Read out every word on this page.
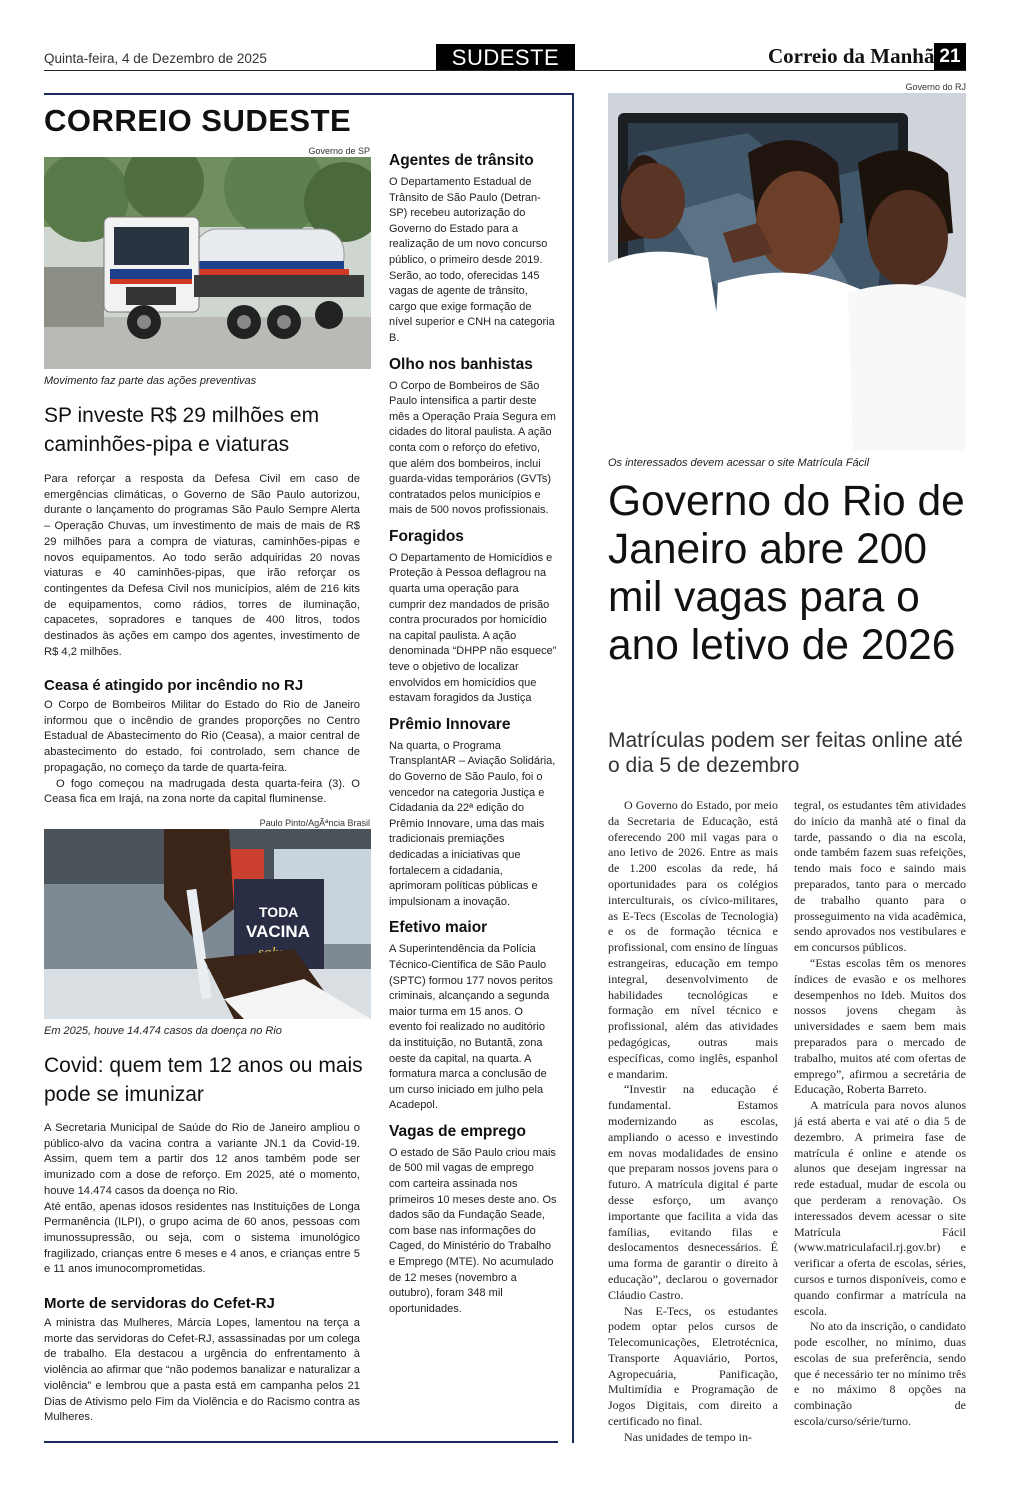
Quinta-feira, 4 de Dezembro de 2025	SUDESTE	Correio da Manhã 21
CORREIO SUDESTE
Governo de SP
Movimento faz parte das ações preventivas
SP investe R$ 29 milhões em caminhões-pipa e viaturas

Para reforçar a resposta da Defesa Civil em caso de emergências climáticas, o Governo de São Paulo autorizou, durante o lançamento do programas São Paulo Sempre Alerta – Operação Chuvas, um investimento de mais de mais de R$ 29 milhões para a compra de viaturas, caminhões-pipas e novos equipamentos. Ao todo serão adquiridas 20 novas viaturas e 40 caminhões-pipas, que irão reforçar os contingentes da Defesa Civil nos municípios, além de 216 kits de equipamentos, como rádios, torres de iluminação, capacetes, sopradores e tanques de 400 litros, todos destinados às ações em campo dos agentes, investimento de R$ 4,2 milhões.

Ceasa é atingido por incêndio no RJ

O Corpo de Bombeiros Militar do Estado do Rio de Janeiro informou que o incêndio de grandes proporções no Centro Estadual de Abastecimento do Rio (Ceasa), a maior central de abastecimento do estado, foi controlado, sem chance de propagação, no começo da tarde de quarta-feira.

O fogo começou na madrugada desta quarta-feira (3). O Ceasa fica em Irajá, na zona norte da capital fluminense.

Paulo Pinto/AgÃªncia Brasil
TODA
VACINA
Em 2025, houve 14.474 casos da doença no Rio
Covid: quem tem 12 anos ou mais pode se imunizar

A Secretaria Municipal de Saúde do Rio de Janeiro ampliou o público-alvo da vacina contra a variante JN.1 da Covid-19. Assim, quem tem a partir dos 12 anos também pode ser imunizado com a dose de reforço. Em 2025, até o momento, houve 14.474 casos da doença no Rio.

Até então, apenas idosos residentes nas Instituições de Longa Permanência (ILPI), o grupo acima de 60 anos, pessoas com imunossupressão, ou seja, com o sistema imunológico fragilizado, crianças entre 6 meses e 4 anos, e crianças entre 5 e 11 anos imunocomprometidas.

Morte de servidoras do Cefet-RJ

A ministra das Mulheres, Márcia Lopes, lamentou na terça a morte das servidoras do Cefet-RJ, assassinadas por um colega de trabalho. Ela destacou a urgência do enfrentamento à violência ao afirmar que “não podemos banalizar e naturalizar a violência” e lembrou que a pasta está em campanha pelos 21 Dias de Ativismo pelo Fim da Violência e do Racismo contra as Mulheres.

Agentes de trânsito

O Departamento Estadual de Trânsito de São Paulo (Detran-SP) recebeu autorização do Governo do Estado para a realização de um novo concurso público, o primeiro desde 2019. Serão, ao todo, oferecidas 145 vagas de agente de trânsito, cargo que exige formação de nível superior e CNH na categoria B.

Olho nos banhistas

O Corpo de Bombeiros de São Paulo intensifica a partir deste mês a Operação Praia Segura em cidades do litoral paulista. A ação conta com o reforço do efetivo, que além dos bombeiros, inclui guarda-vidas temporários (GVTs) contratados pelos municípios e mais de 500 novos profissionais.

Foragidos

O Departamento de Homicídios e Proteção à Pessoa deflagrou na quarta uma operação para cumprir dez mandados de prisão contra procurados por homicídio na capital paulista. A ação denominada “DHPP não esquece” teve o objetivo de localizar envolvidos em homicídios que estavam foragidos da Justiça

Prêmio Innovare

Na quarta, o Programa TransplantAR – Aviação Solidária, do Governo de São Paulo, foi o vencedor na categoria Justiça e Cidadania da 22ª edição do Prêmio Innovare, uma das mais tradicionais premiações dedicadas a iniciativas que fortalecem a cidadania, aprimoram políticas públicas e impulsionam a inovação.

Efetivo maior

A Superintendência da Polícia Técnico-Científica de São Paulo (SPTC) formou 177 novos peritos criminais, alcançando a segunda maior turma em 15 anos. O evento foi realizado no auditório da instituição, no Butantã, zona oeste da capital, na quarta. A formatura marca a conclusão de um curso iniciado em julho pela Acadepol.

Vagas de emprego

O estado de São Paulo criou mais de 500 mil vagas de emprego com carteira assinada nos primeiros 10 meses deste ano. Os dados são da Fundação Seade, com base nas informações do Caged, do Ministério do Trabalho e Emprego (MTE). No acumulado de 12 meses (novembro a outubro), foram 348 mil oportunidades.

Governo do RJ
Os interessados devem acessar o site Matrícula Fácil
Governo do Rio de Janeiro abre 200 mil vagas para o ano letivo de 2026
Matrículas podem ser feitas online até o dia 5 de dezembro

O Governo do Estado, por meio da Secretaria de Educação, está oferecendo 200 mil vagas para o ano letivo de 2026. Entre as mais de 1.200 escolas da rede, há oportunidades para os colégios interculturais, os cívico-militares, as E-Tecs (Escolas de Tecnologia) e os de formação técnica e profissional, com ensino de línguas estrangeiras, educação em tempo integral, desenvolvimento de habilidades tecnológicas e formação em nível técnico e profissional, além das atividades pedagógicas, outras mais específicas, como inglês, espanhol e mandarim.

“Investir na educação é fundamental. Estamos modernizando as escolas, ampliando o acesso e investindo em novas modalidades de ensino que preparam nossos jovens para o futuro. A matrícula digital é parte desse esforço, um avanço importante que facilita a vida das famílias, evitando filas e deslocamentos desnecessários. É uma forma de garantir o direito à educação”, declarou o governador Cláudio Castro.

Nas E-Tecs, os estudantes podem optar pelos cursos de Telecomunicações, Eletrotécnica, Transporte Aquaviário, Portos, Agropecuária, Panificação, Multimídia e Programação de Jogos Digitais, com direito a certificado no final.

Nas unidades de tempo in-

tegral, os estudantes têm atividades do início da manhã até o final da tarde, passando o dia na escola, onde também fazem suas refeições, tendo mais foco e saindo mais preparados, tanto para o mercado de trabalho quanto para o prosseguimento na vida acadêmica, sendo aprovados nos vestibulares e em concursos públicos.

“Estas escolas têm os menores índices de evasão e os melhores desempenhos no Ideb. Muitos dos nossos jovens chegam às universidades e saem bem mais preparados para o mercado de trabalho, muitos até com ofertas de emprego”, afirmou a secretária de Educação, Roberta Barreto.

A matrícula para novos alunos já está aberta e vai até o dia 5 de dezembro. A primeira fase de matrícula é online e atende os alunos que desejam ingressar na rede estadual, mudar de escola ou que perderam a renovação. Os interessados devem acessar o site Matrícula Fácil (www.matriculafacil.rj.gov.br) e verificar a oferta de escolas, séries, cursos e turnos disponíveis, como e quando confirmar a matrícula na escola.

No ato da inscrição, o candidato pode escolher, no mínimo, duas escolas de sua preferência, sendo que é necessário ter no mínimo três e no máximo 8 opções na combinação de escola/curso/série/turno.
